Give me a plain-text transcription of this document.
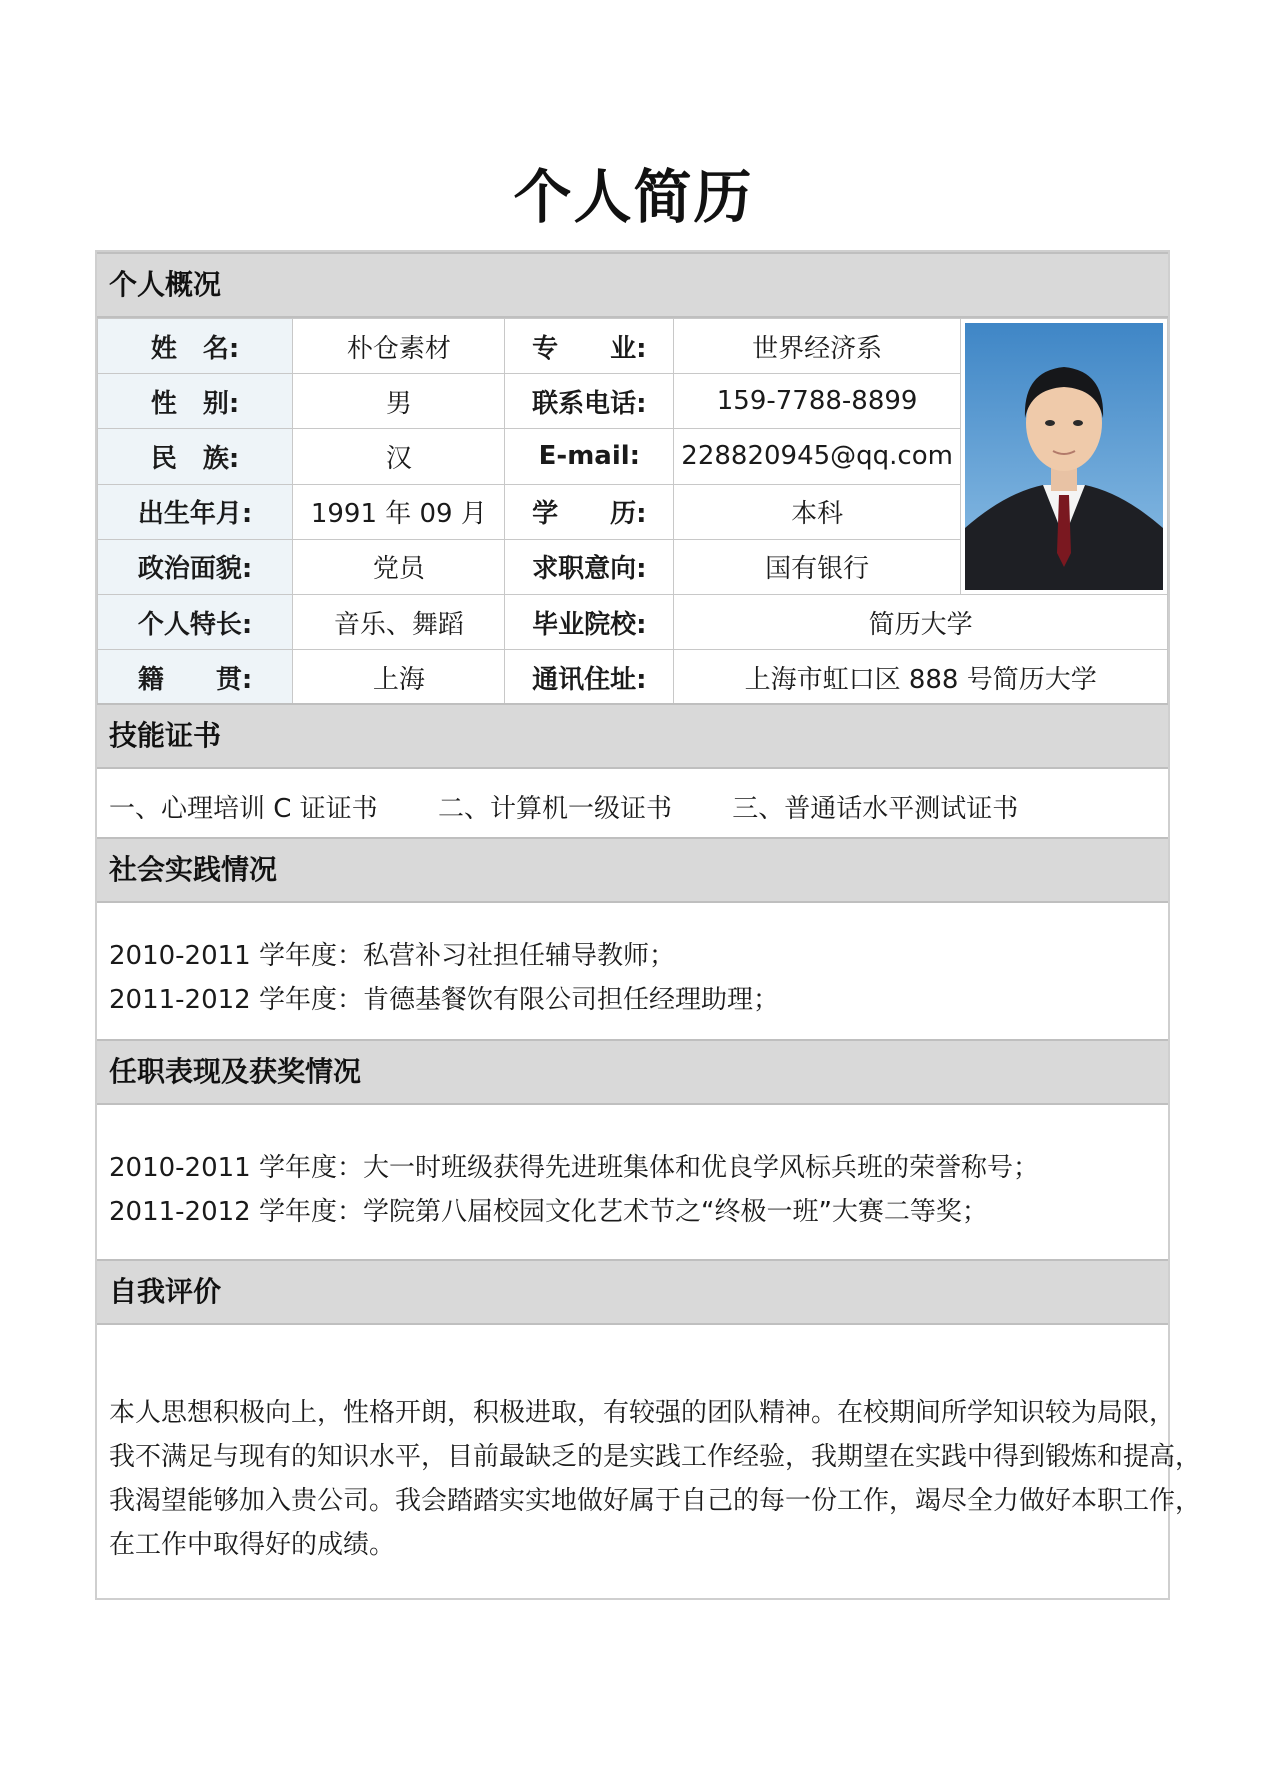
个人简历
个人概况
姓　名:	朴仓素材	专　　业:	世界经济系	

性　别:	男	联系电话:	159-7788-8899	
民　族:	汉	E-mail:	228820945@qq.com	
出生年月:	1991 年 09 月	学　　历:	本科	
政治面貌:	党员	求职意向:	国有银行	
个人特长:	音乐、舞蹈	毕业院校:	简历大学	
籍　　贯:	上海	通讯住址:	上海市虹口区 888 号简历大学	
技能证书
一、心理培训 C 证证书 二、计算机一级证书 三、普通话水平测试证书
社会实践情况
2010-2011 学年度：私营补习社担任辅导教师；
2011-2012 学年度：肯德基餐饮有限公司担任经理助理；
任职表现及获奖情况
2010-2011 学年度：大一时班级获得先进班集体和优良学风标兵班的荣誉称号；
2011-2012 学年度：学院第八届校园文化艺术节之“终极一班”大赛二等奖；
自我评价
本人思想积极向上，性格开朗，积极进取，有较强的团队精神。在校期间所学知识较为局限，
我不满足与现有的知识水平，目前最缺乏的是实践工作经验，我期望在实践中得到锻炼和提高，
我渴望能够加入贵公司。我会踏踏实实地做好属于自己的每一份工作，竭尽全力做好本职工作，
在工作中取得好的成绩。
